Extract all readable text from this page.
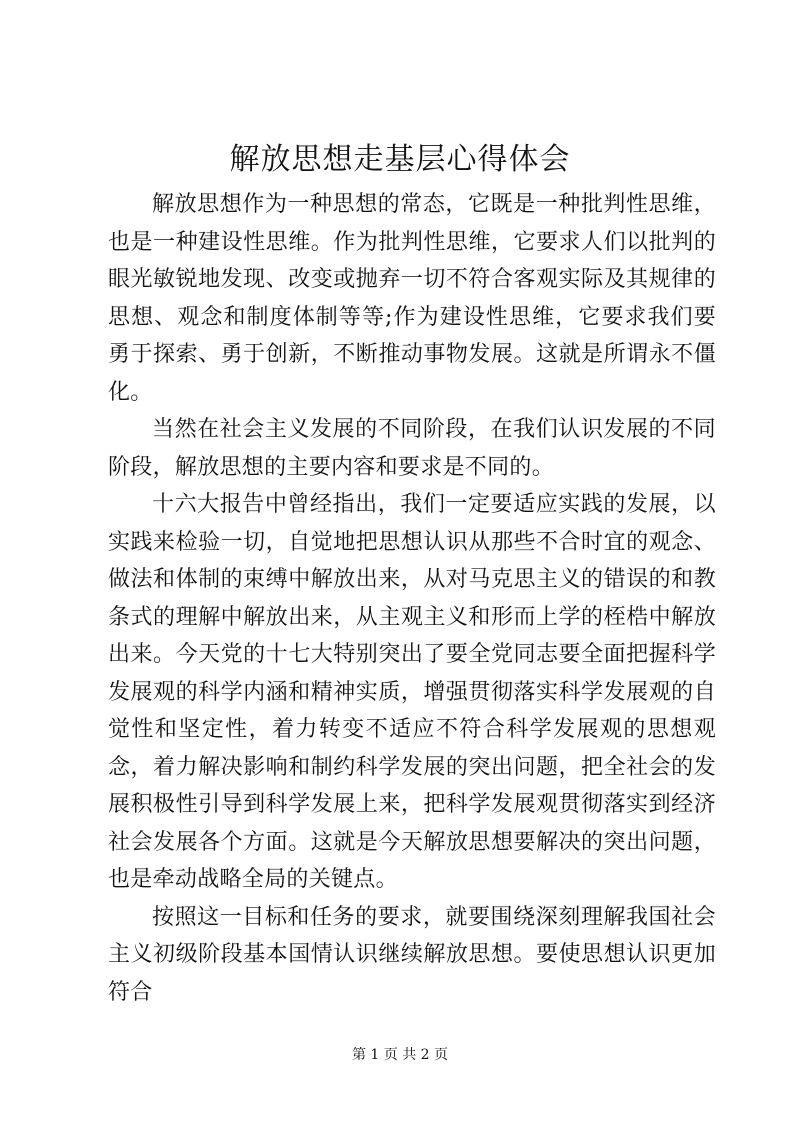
解放思想走基层心得体会

解放思想作为一种思想的常态，它既是一种批判性思维，也是一种建设性思维。作为批判性思维，它要求人们以批判的眼光敏锐地发现、改变或抛弃一切不符合客观实际及其规律的思想、观念和制度体制等等;作为建设性思维，它要求我们要勇于探索、勇于创新，不断推动事物发展。这就是所谓永不僵化。

当然在社会主义发展的不同阶段，在我们认识发展的不同阶段，解放思想的主要内容和要求是不同的。

十六大报告中曾经指出，我们一定要适应实践的发展，以实践来检验一切，自觉地把思想认识从那些不合时宜的观念、做法和体制的束缚中解放出来，从对马克思主义的错误的和教条式的理解中解放出来，从主观主义和形而上学的桎梏中解放出来。今天党的十七大特别突出了要全党同志要全面把握科学发展观的科学内涵和精神实质，增强贯彻落实科学发展观的自觉性和坚定性，着力转变不适应不符合科学发展观的思想观念，着力解决影响和制约科学发展的突出问题，把全社会的发展积极性引导到科学发展上来，把科学发展观贯彻落实到经济社会发展各个方面。这就是今天解放思想要解决的突出问题，也是牵动战略全局的关键点。

按照这一目标和任务的要求，就要围绕深刻理解我国社会主义初级阶段基本国情认识继续解放思想。要使思想认识更加符合

第 1 页 共 2 页
